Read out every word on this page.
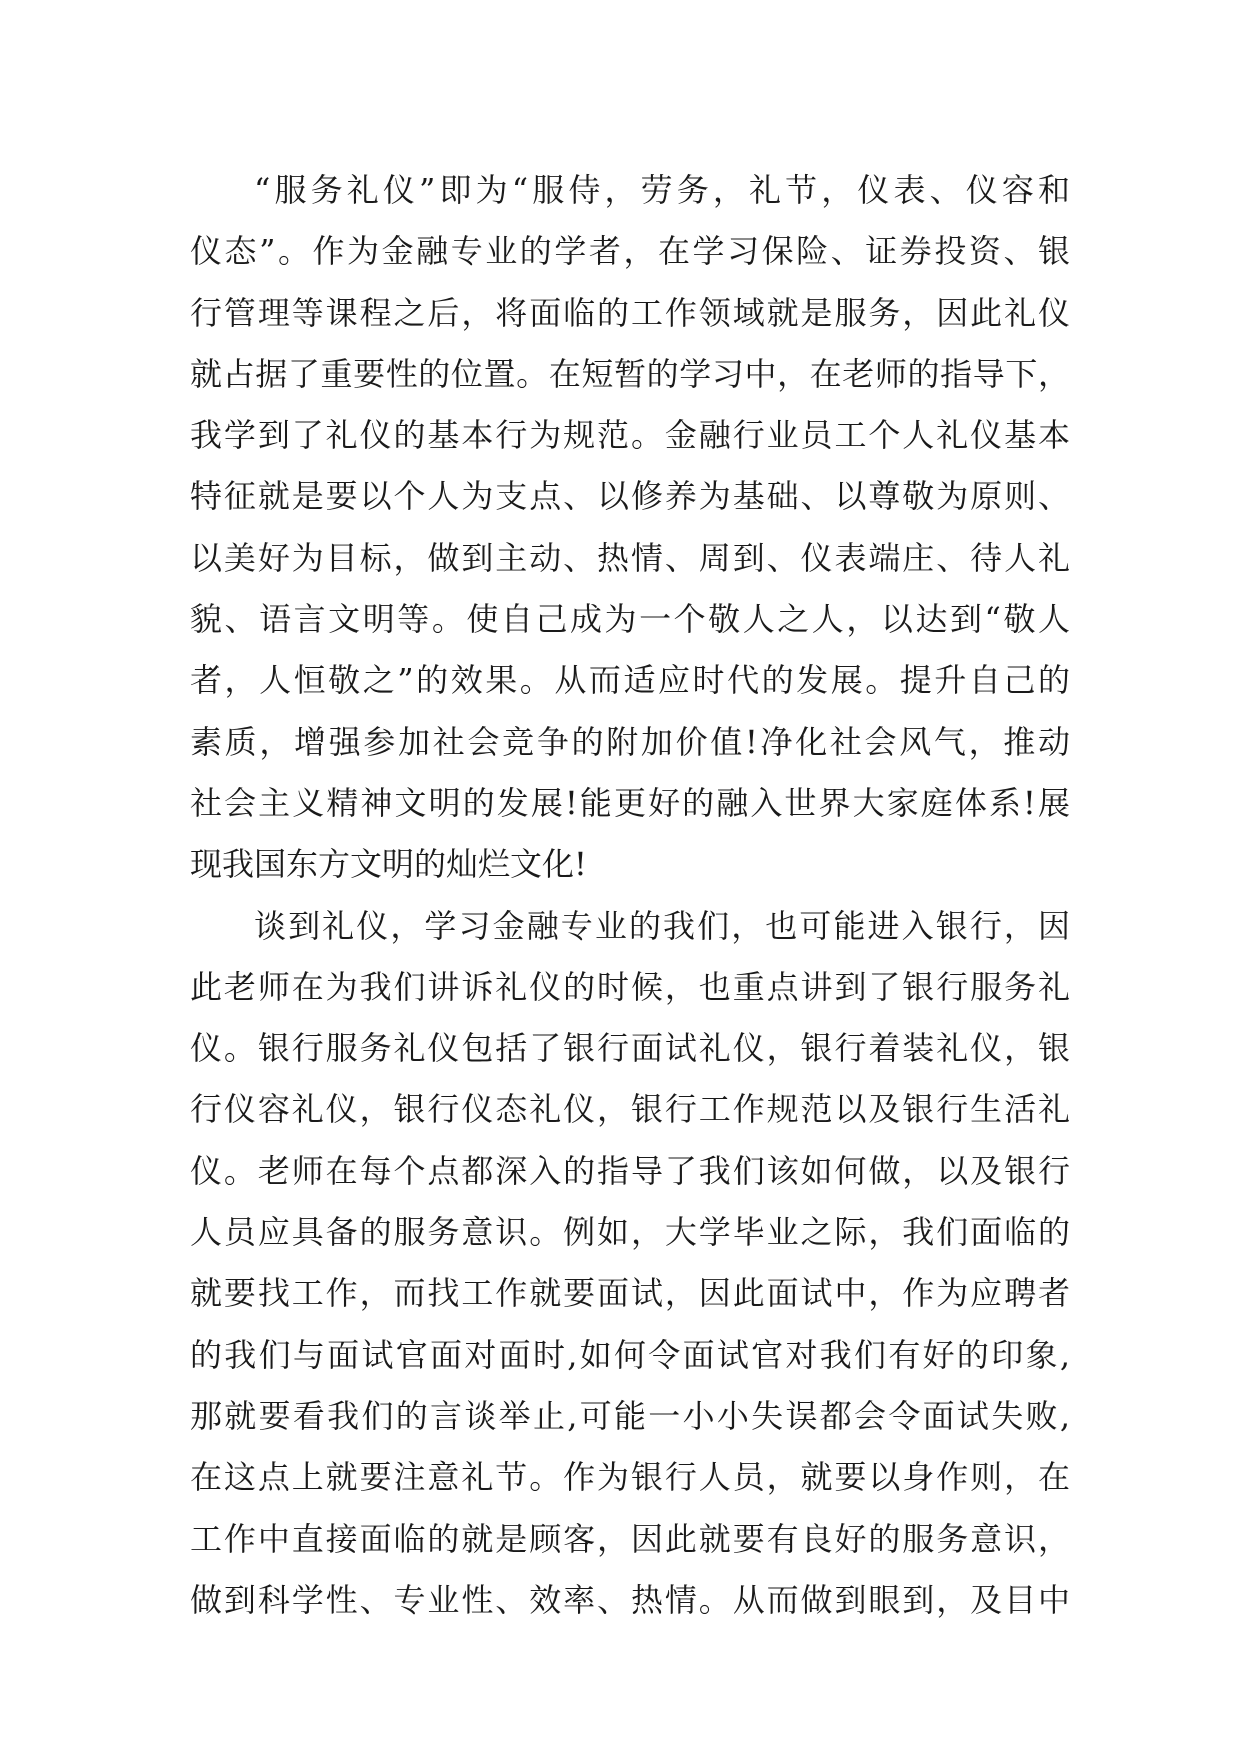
“服务礼仪”即为“服侍，劳务，礼节，仪表、仪容和
仪态”。作为金融专业的学者，在学习保险、证券投资、银
行管理等课程之后，将面临的工作领域就是服务，因此礼仪
就占据了重要性的位置。在短暂的学习中，在老师的指导下，
我学到了礼仪的基本行为规范。金融行业员工个人礼仪基本
特征就是要以个人为支点、以修养为基础、以尊敬为原则、
以美好为目标，做到主动、热情、周到、仪表端庄、待人礼
貌、语言文明等。使自己成为一个敬人之人，以达到“敬人
者，人恒敬之”的效果。从而适应时代的发展。提升自己的
素质，增强参加社会竞争的附加价值!净化社会风气，推动
社会主义精神文明的发展!能更好的融入世界大家庭体系!展
现我国东方文明的灿烂文化!
谈到礼仪，学习金融专业的我们，也可能进入银行，因
此老师在为我们讲诉礼仪的时候，也重点讲到了银行服务礼
仪。银行服务礼仪包括了银行面试礼仪，银行着装礼仪，银
行仪容礼仪，银行仪态礼仪，银行工作规范以及银行生活礼
仪。老师在每个点都深入的指导了我们该如何做，以及银行
人员应具备的服务意识。例如，大学毕业之际，我们面临的
就要找工作，而找工作就要面试，因此面试中，作为应聘者
的我们与面试官面对面时,如何令面试官对我们有好的印象,
那就要看我们的言谈举止,可能一小小失误都会令面试失败,
在这点上就要注意礼节。作为银行人员，就要以身作则，在
工作中直接面临的就是顾客，因此就要有良好的服务意识，
做到科学性、专业性、效率、热情。从而做到眼到，及目中
